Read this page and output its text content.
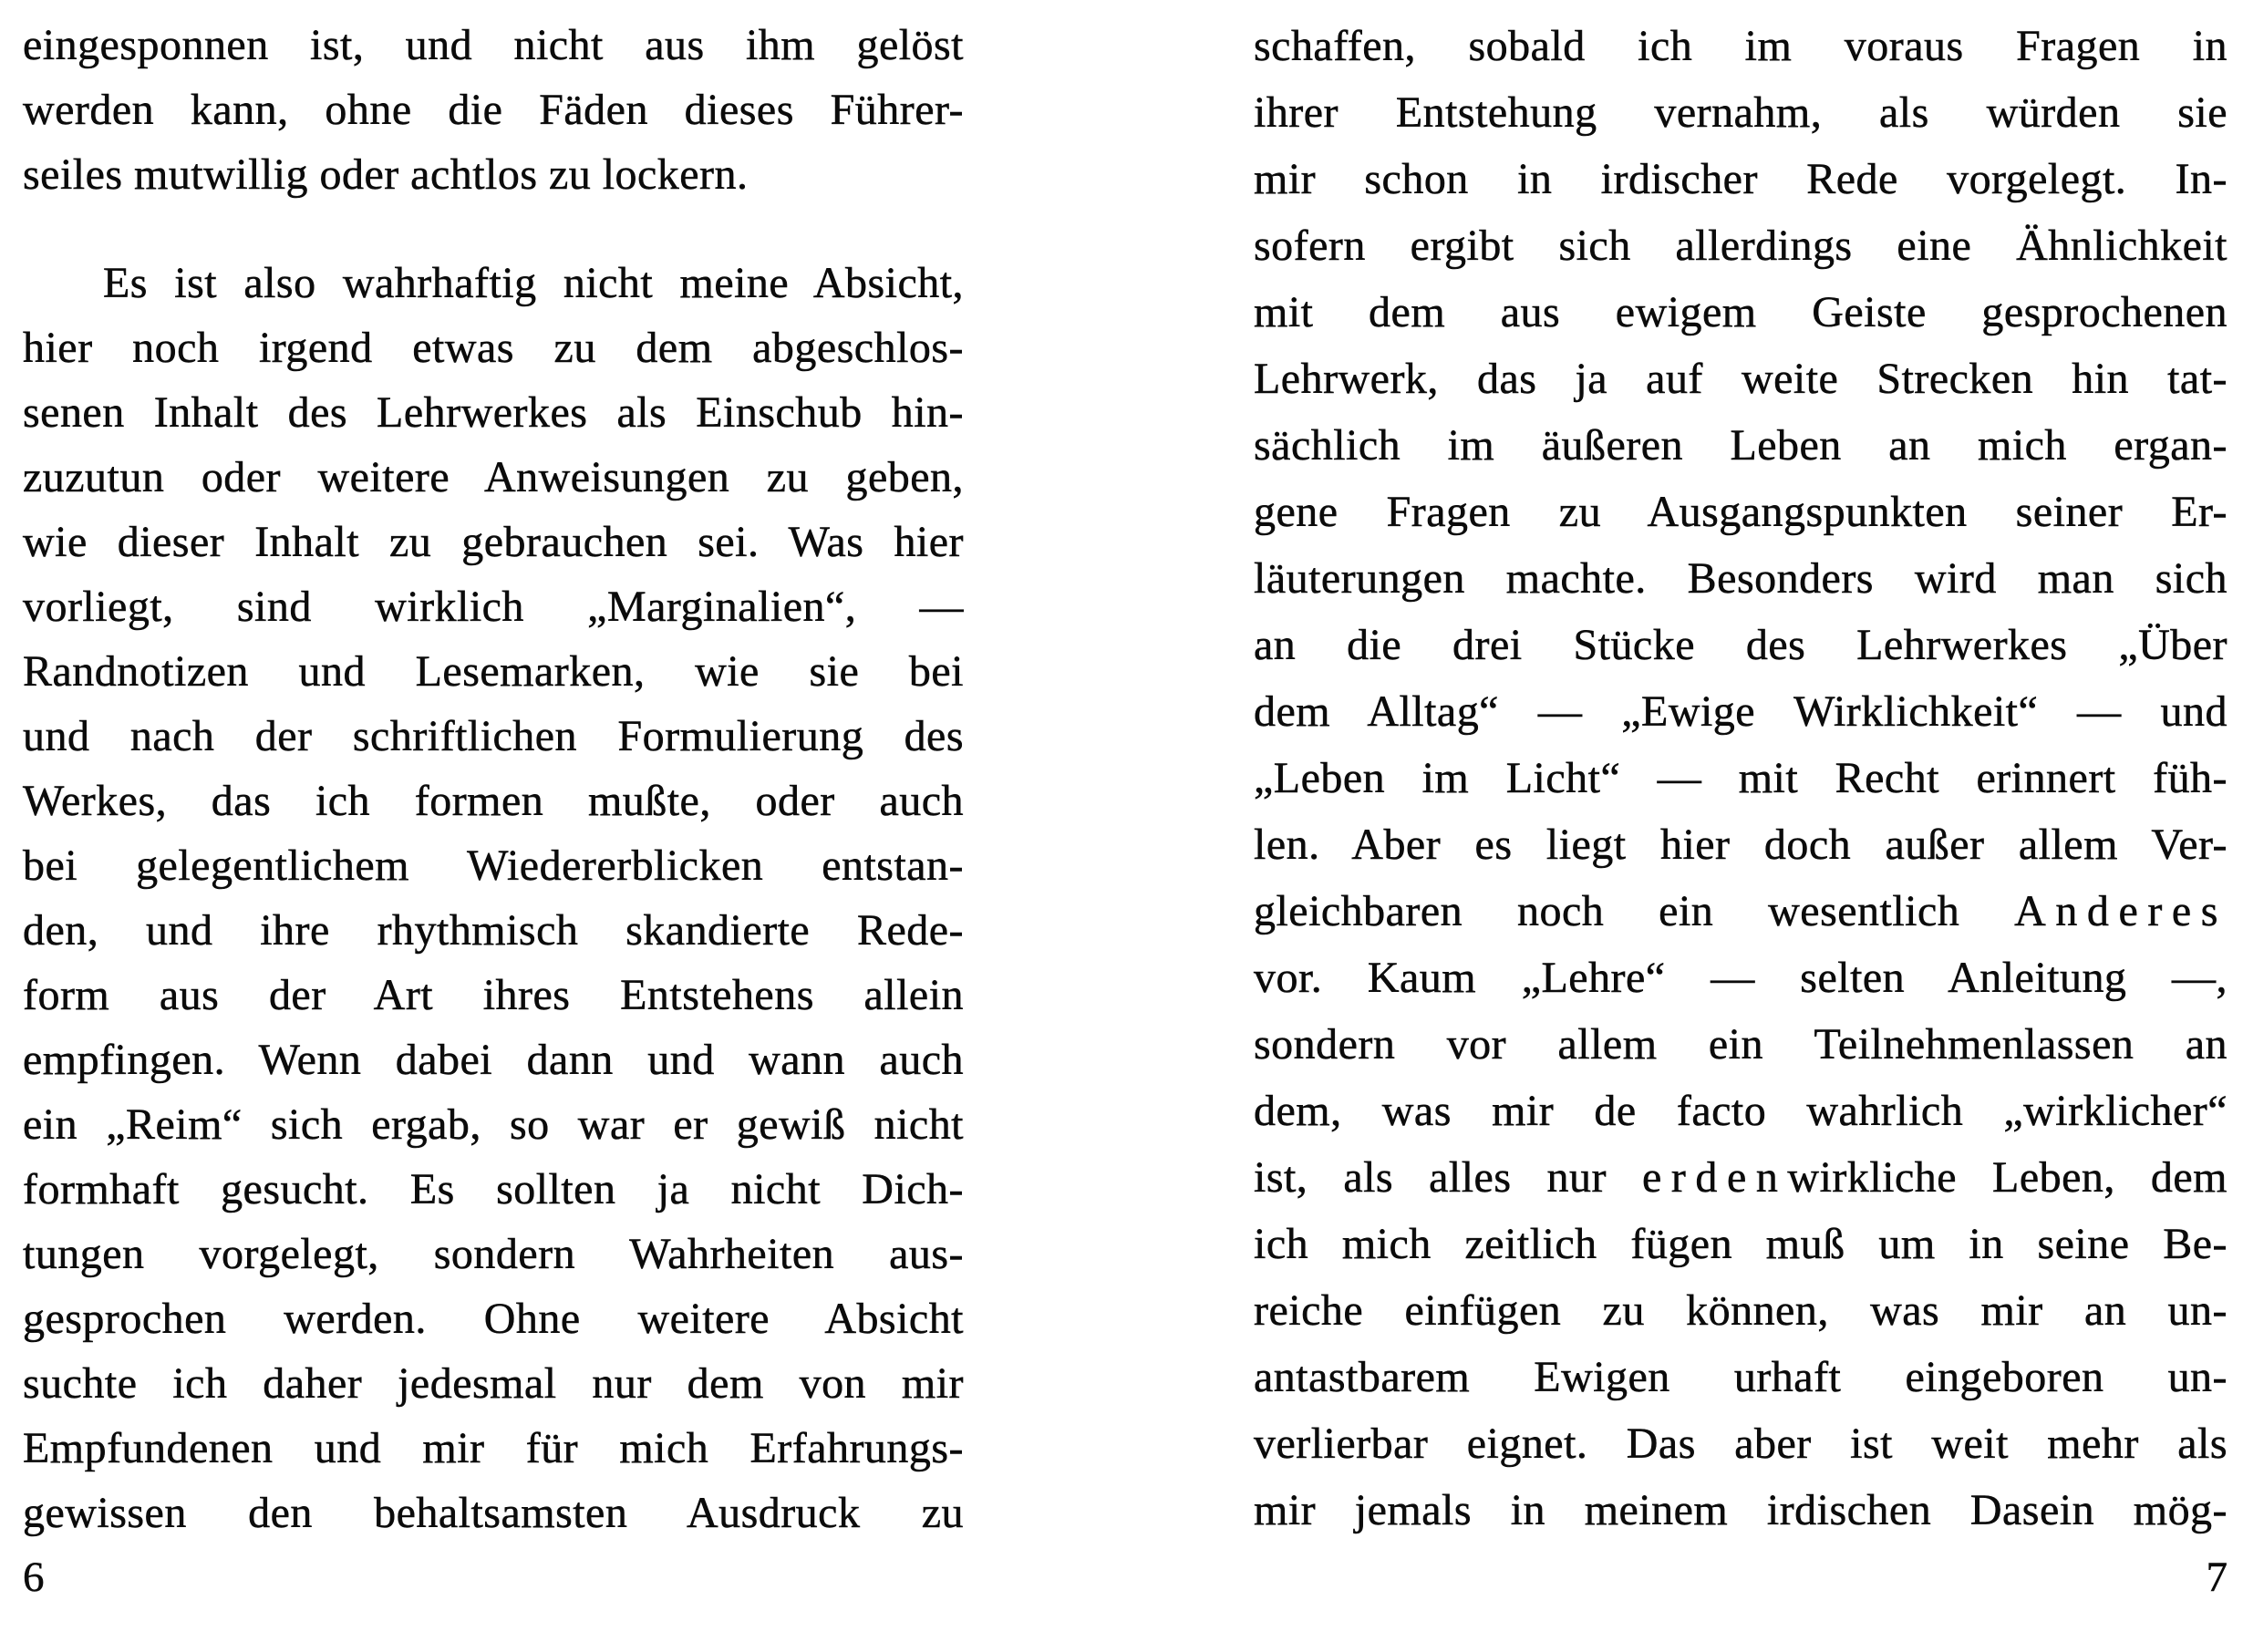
eingesponnen ist, und nicht aus ihm gelöst
werden kann, ohne die Fäden dieses Führer-
seiles mutwillig oder achtlos zu lockern.
Es ist also wahrhaftig nicht meine Absicht,
hier noch irgend etwas zu dem abgeschlos-
senen Inhalt des Lehrwerkes als Einschub hin-
zuzutun oder weitere Anweisungen zu geben,
wie dieser Inhalt zu gebrauchen sei. Was hier
vorliegt, sind wirklich „Marginalien“, —
Randnotizen und Lesemarken, wie sie bei
und nach der schriftlichen Formulierung des
Werkes, das ich formen mußte, oder auch
bei gelegentlichem Wiedererblicken entstan-
den, und ihre rhythmisch skandierte Rede-
form aus der Art ihres Entstehens allein
empfingen. Wenn dabei dann und wann auch
ein „Reim“ sich ergab, so war er gewiß nicht
formhaft gesucht. Es sollten ja nicht Dich-
tungen vorgelegt, sondern Wahrheiten aus-
gesprochen werden. Ohne weitere Absicht
suchte ich daher jedesmal nur dem von mir
Empfundenen und mir für mich Erfahrungs-
gewissen den behaltsamsten Ausdruck zu
schaffen, sobald ich im voraus Fragen in
ihrer Entstehung vernahm, als würden sie
mir schon in irdischer Rede vorgelegt. In-
sofern ergibt sich allerdings eine Ähnlichkeit
mit dem aus ewigem Geiste gesprochenen
Lehrwerk, das ja auf weite Strecken hin tat-
sächlich im äußeren Leben an mich ergan-
gene Fragen zu Ausgangspunkten seiner Er-
läuterungen machte. Besonders wird man sich
an die drei Stücke des Lehrwerkes „Über
dem Alltag“ — „Ewige Wirklichkeit“ — und
„Leben im Licht“ — mit Recht erinnert füh-
len. Aber es liegt hier doch außer allem Ver-
gleichbaren noch ein wesentlich Anderes
vor. Kaum „Lehre“ — selten Anleitung —,
sondern vor allem ein Teilnehmenlassen an
dem, was mir de facto wahrlich „wirklicher“
ist, als alles nur erdenwirkliche Leben, dem
ich mich zeitlich fügen muß um in seine Be-
reiche einfügen zu können, was mir an un-
antastbarem Ewigen urhaft eingeboren un-
verlierbar eignet. Das aber ist weit mehr als
mir jemals in meinem irdischen Dasein mög-
6	7
